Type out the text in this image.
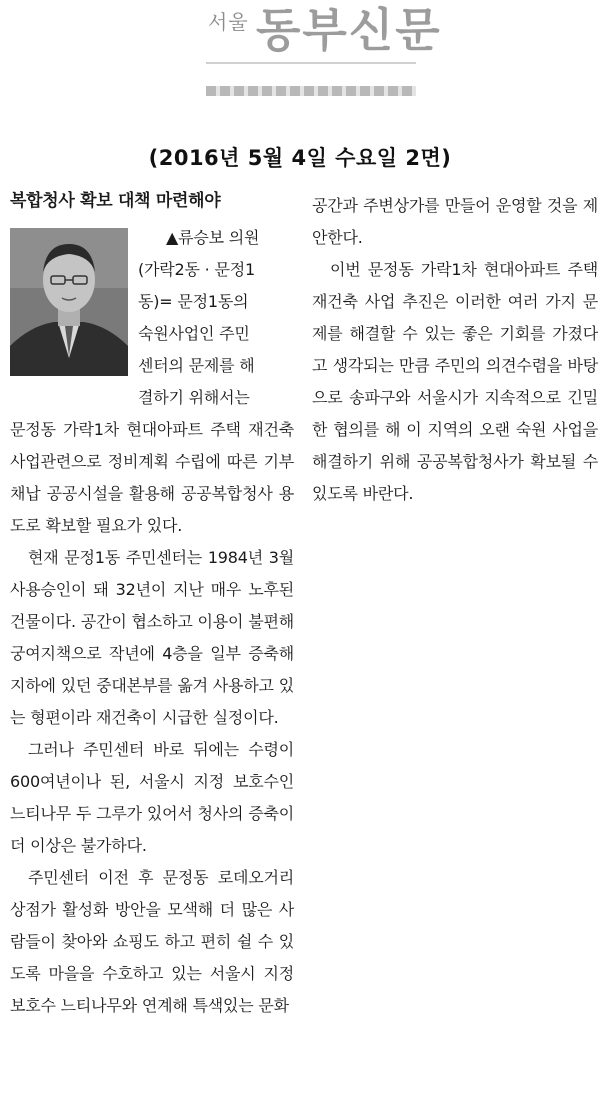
서울 동부신문
(2016년 5월 4일 수요일 2면)
복합청사 확보 대책 마련해야
▲류승보 의원
(가락2동 · 문정1
동)= 문정1동의
숙원사업인 주민
센터의 문제를 해
결하기 위해서는

문정동 가락1차 현대아파트 주택 재건축 사업관련으로 정비계획 수립에 따른 기부채납 공공시설을 활용해 공공복합청사 용도로 확보할 필요가 있다.

현재 문정1동 주민센터는 1984년 3월 사용승인이 돼 32년이 지난 매우 노후된 건물이다. 공간이 협소하고 이용이 불편해 궁여지책으로 작년에 4층을 일부 증축해 지하에 있던 중대본부를 옮겨 사용하고 있는 형편이라 재건축이 시급한 실정이다.

그러나 주민센터 바로 뒤에는 수령이 600여년이나 된, 서울시 지정 보호수인 느티나무 두 그루가 있어서 청사의 증축이 더 이상은 불가하다.

주민센터 이전 후 문정동 로데오거리 상점가 활성화 방안을 모색해 더 많은 사람들이 찾아와 쇼핑도 하고 편히 쉴 수 있도록 마을을 수호하고 있는 서울시 지정 보호수 느티나무와 연계해 특색있는 문화

공간과 주변상가를 만들어 운영할 것을 제안한다.

이번 문정동 가락1차 현대아파트 주택 재건축 사업 추진은 이러한 여러 가지 문제를 해결할 수 있는 좋은 기회를 가졌다고 생각되는 만큼 주민의 의견수렴을 바탕으로 송파구와 서울시가 지속적으로 긴밀한 협의를 해 이 지역의 오랜 숙원 사업을 해결하기 위해 공공복합청사가 확보될 수 있도록 바란다.
